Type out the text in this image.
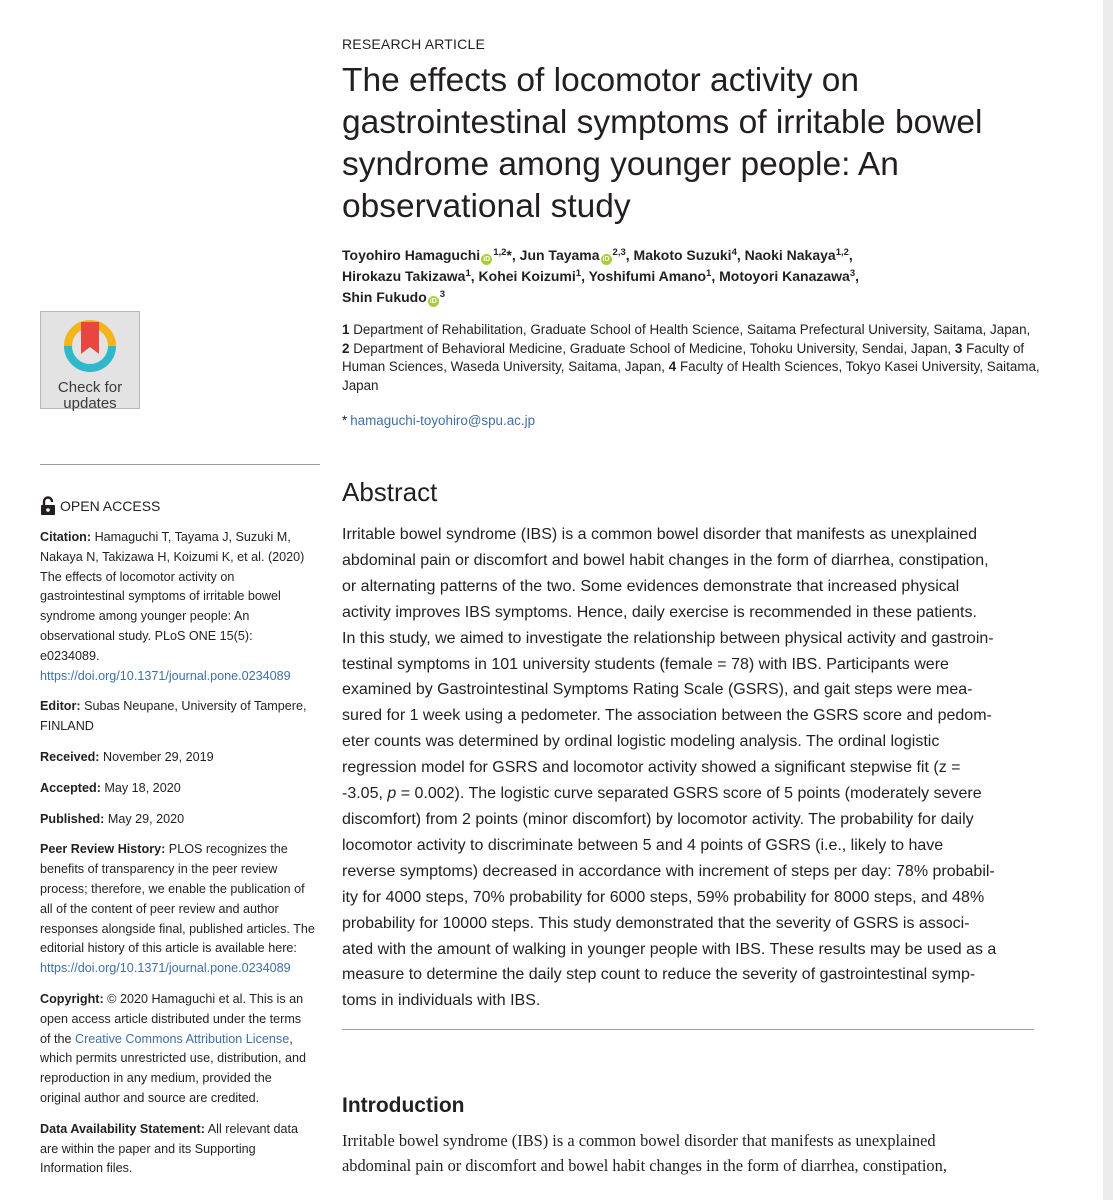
RESEARCH ARTICLE
The effects of locomotor activity on gastrointestinal symptoms of irritable bowel syndrome among younger people: An observational study
Toyohiro Hamaguchi iD$^{1,2}$*, Jun Tayama iD$^{2,3}$, Makoto Suzuki$^4$, Naoki Nakaya$^{1,2}$,
Hirokazu Takizawa$^1$, Kohei Koizumi$^1$, Yoshifumi Amano$^1$, Motoyori Kanazawa$^3$,
Shin Fukudo $iD^3$
1 Department of Rehabilitation, Graduate School of Health Science, Saitama Prefectural University, Saitama, Japan, 2 Department of Behavioral Medicine, Graduate School of Medicine, Tohoku University, Sendai, Japan, 3 Faculty of Human Sciences, Waseda University, Saitama, Japan, 4 Faculty of Health Sciences, Tokyo Kasei University, Saitama, Japan
* hamaguchi-toyohiro@spu.ac.jp
Check for
updates
OPEN ACCESS

Citation: Hamaguchi T, Tayama J, Suzuki M, Nakaya N, Takizawa H, Koizumi K, et al. (2020) The effects of locomotor activity on gastrointestinal symptoms of irritable bowel syndrome among younger people: An observational study. PLoS ONE 15(5): e0234089. https://doi.org/10.1371/journal.pone.0234089

Editor: Subas Neupane, University of Tampere, FINLAND

Received: November 29, 2019

Accepted: May 18, 2020

Published: May 29, 2020

Peer Review History: PLOS recognizes the benefits of transparency in the peer review process; therefore, we enable the publication of all of the content of peer review and author responses alongside final, published articles. The editorial history of this article is available here: https://doi.org/10.1371/journal.pone.0234089

Copyright: © 2020 Hamaguchi et al. This is an open access article distributed under the terms of the Creative Commons Attribution License, which permits unrestricted use, distribution, and reproduction in any medium, provided the original author and source are credited.

Data Availability Statement: All relevant data are within the paper and its Supporting Information files.

Abstract
Irritable bowel syndrome (IBS) is a common bowel disorder that manifests as unexplained
abdominal pain or discomfort and bowel habit changes in the form of diarrhea, constipation,
or alternating patterns of the two. Some evidences demonstrate that increased physical
activity improves IBS symptoms. Hence, daily exercise is recommended in these patients.
In this study, we aimed to investigate the relationship between physical activity and gastroin-
testinal symptoms in 101 university students (female = 78) with IBS. Participants were
examined by Gastrointestinal Symptoms Rating Scale (GSRS), and gait steps were mea-
sured for 1 week using a pedometer. The association between the GSRS score and pedom-
eter counts was determined by ordinal logistic modeling analysis. The ordinal logistic
regression model for GSRS and locomotor activity showed a significant stepwise fit (z =
-3.05, p = 0.002). The logistic curve separated GSRS score of 5 points (moderately severe
discomfort) from 2 points (minor discomfort) by locomotor activity. The probability for daily
locomotor activity to discriminate between 5 and 4 points of GSRS (i.e., likely to have
reverse symptoms) decreased in accordance with increment of steps per day: 78% probabil-
ity for 4000 steps, 70% probability for 6000 steps, 59% probability for 8000 steps, and 48%
probability for 10000 steps. This study demonstrated that the severity of GSRS is associ-
ated with the amount of walking in younger people with IBS. These results may be used as a
measure to determine the daily step count to reduce the severity of gastrointestinal symp-
toms in individuals with IBS.
Introduction
Irritable bowel syndrome (IBS) is a common bowel disorder that manifests as unexplained
abdominal pain or discomfort and bowel habit changes in the form of diarrhea, constipation,
